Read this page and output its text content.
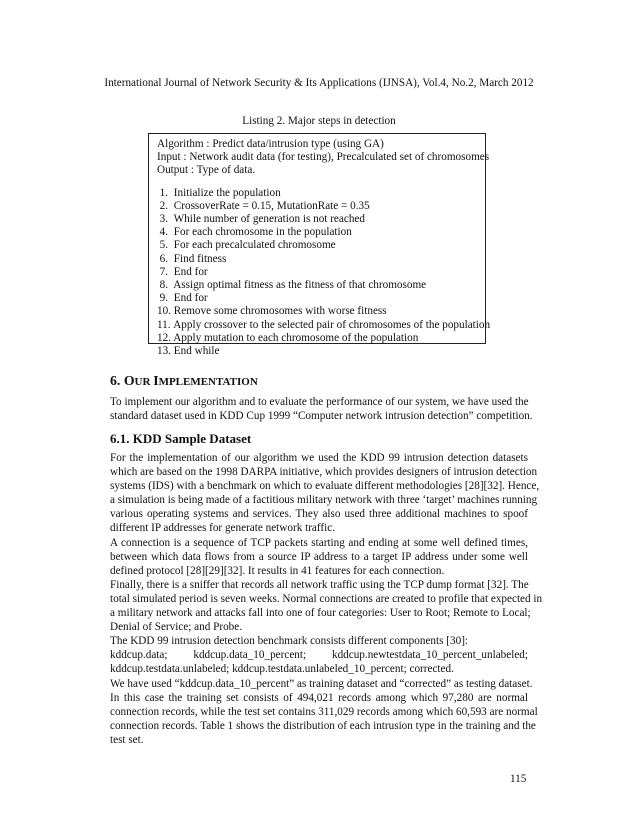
International Journal of Network Security & Its Applications (IJNSA), Vol.4, No.2, March 2012
Listing 2. Major steps in detection
Algorithm : Predict data/intrusion type (using GA)
Input : Network audit data (for testing), Precalculated set of chromosomes
Output : Type of data.
1. Initialize the population
2. CrossoverRate = 0.15, MutationRate = 0.35
3. While number of generation is not reached
4. For each chromosome in the population
5. For each precalculated chromosome
6. Find fitness
7. End for
8. Assign optimal fitness as the fitness of that chromosome
9. End for
10. Remove some chromosomes with worse fitness
11. Apply crossover to the selected pair of chromosomes of the population
12. Apply mutation to each chromosome of the population
13. End while
6. OUR IMPLEMENTATION
To implement our algorithm and to evaluate the performance of our system, we have used the
standard dataset used in KDD Cup 1999 “Computer network intrusion detection” competition.
6.1. KDD Sample Dataset
For the implementation of our algorithm we used the KDD 99 intrusion detection datasets
which are based on the 1998 DARPA initiative, which provides designers of intrusion detection
systems (IDS) with a benchmark on which to evaluate different methodologies [28][32]. Hence,
a simulation is being made of a factitious military network with three ‘target’ machines running
various operating systems and services. They also used three additional machines to spoof
different IP addresses for generate network traffic.
A connection is a sequence of TCP packets starting and ending at some well defined times,
between which data flows from a source IP address to a target IP address under some well
defined protocol [28][29][32]. It results in 41 features for each connection.
Finally, there is a sniffer that records all network traffic using the TCP dump format [32]. The
total simulated period is seven weeks. Normal connections are created to profile that expected in
a military network and attacks fall into one of four categories: User to Root; Remote to Local;
Denial of Service; and Probe.
The KDD 99 intrusion detection benchmark consists different components [30]:
kddcup.data; kddcup.data_10_percent; kddcup.newtestdata_10_percent_unlabeled;
kddcup.testdata.unlabeled; kddcup.testdata.unlabeled_10_percent; corrected.
We have used “kddcup.data_10_percent” as training dataset and “corrected” as testing dataset.
In this case the training set consists of 494,021 records among which 97,280 are normal
connection records, while the test set contains 311,029 records among which 60,593 are normal
connection records. Table 1 shows the distribution of each intrusion type in the training and the
test set.
115
